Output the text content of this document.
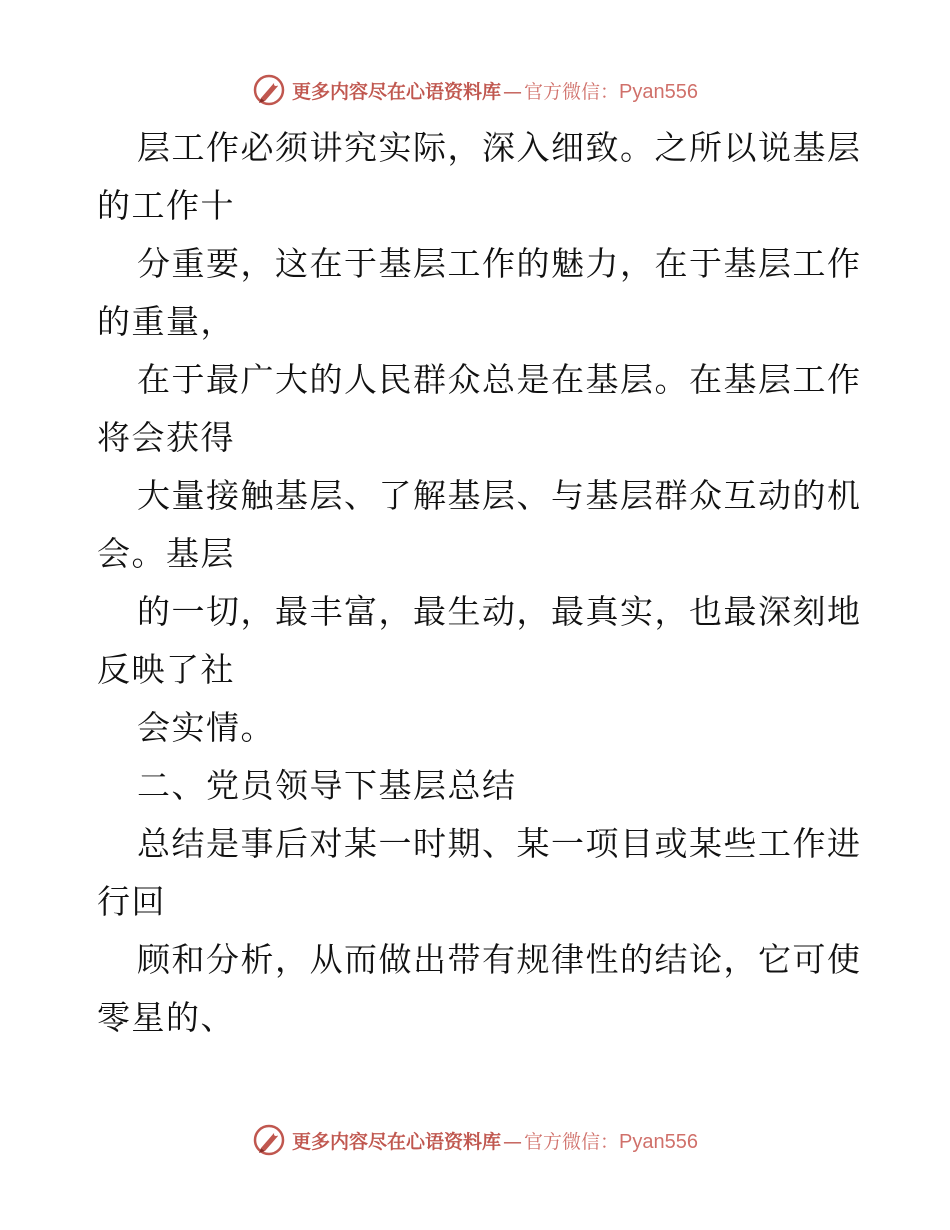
更多内容尽在心语资料库 — 官方微信： Pyan556
层工作必须讲究实际，深入细致。之所以说基层
的工作十
分重要，这在于基层工作的魅力，在于基层工作
的重量，
在于最广大的人民群众总是在基层。在基层工作
将会获得
大量接触基层、了解基层、与基层群众互动的机
会。基层
的一切，最丰富，最生动，最真实，也最深刻地
反映了社
会实情。
二、党员领导下基层总结
总结是事后对某一时期、某一项目或某些工作进
行回
顾和分析，从而做出带有规律性的结论，它可使
零星的、
更多内容尽在心语资料库 — 官方微信： Pyan556
